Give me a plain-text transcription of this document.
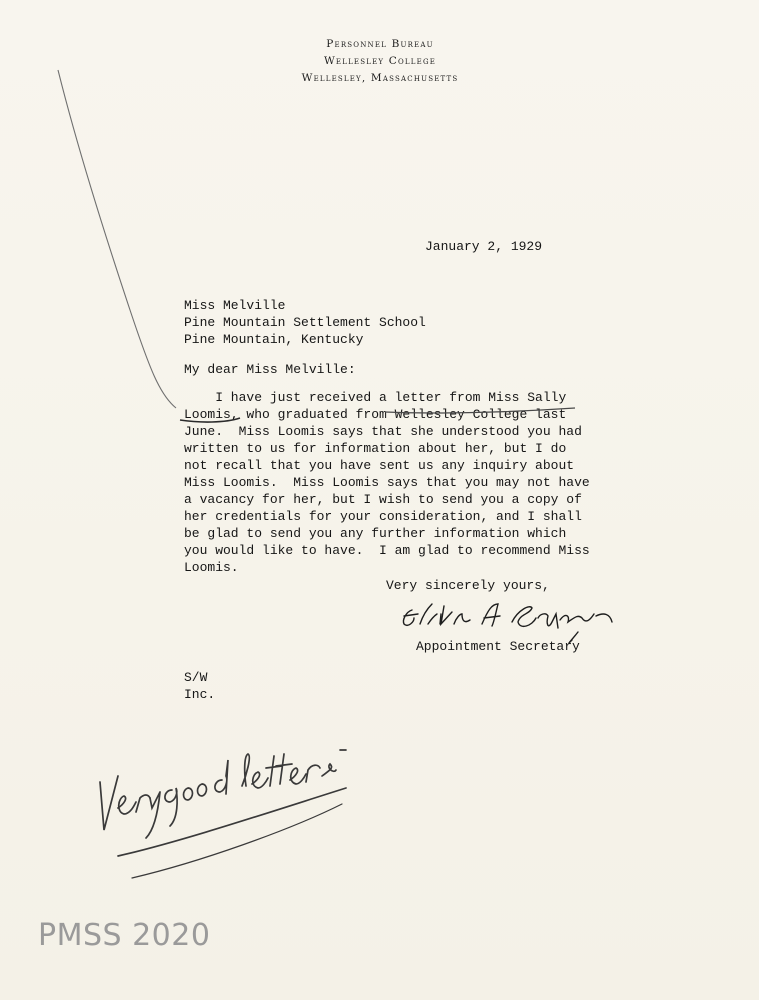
Personnel Bureau
Wellesley College
Wellesley, Massachusetts
January 2, 1929
Miss Melville
Pine Mountain Settlement School
Pine Mountain, Kentucky
My dear Miss Melville:
I have just received a letter from Miss Sally
Loomis, who graduated from Wellesley College last
June.  Miss Loomis says that she understood you had
written to us for information about her, but I do
not recall that you have sent us any inquiry about
Miss Loomis.  Miss Loomis says that you may not have
a vacancy for her, but I wish to send you a copy of
her credentials for your consideration, and I shall
be glad to send you any further information which
you would like to have.  I am glad to recommend Miss
Loomis.
Very sincerely yours,
Appointment Secretary
S/W
Inc.
PMSS 2020
